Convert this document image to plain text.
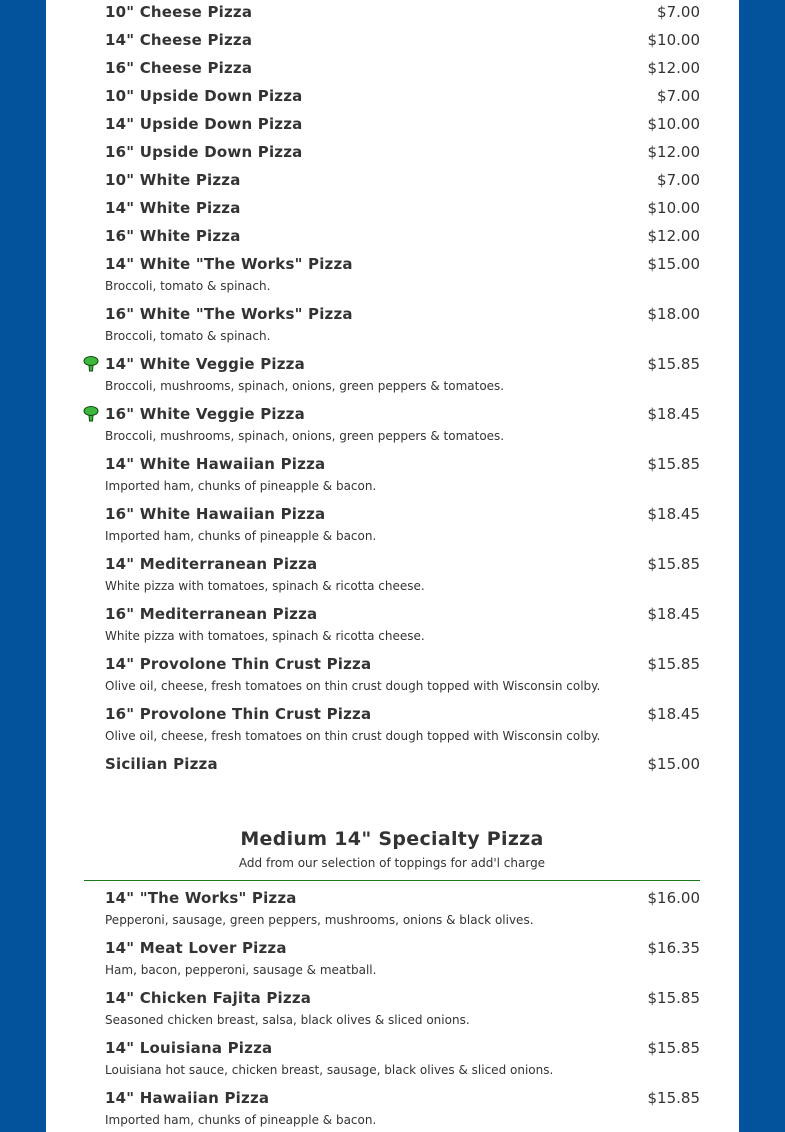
10" Cheese Pizza	$7.00
14" Cheese Pizza	$10.00
16" Cheese Pizza	$12.00
10" Upside Down Pizza	$7.00
14" Upside Down Pizza	$10.00
16" Upside Down Pizza	$12.00
10" White Pizza	$7.00
14" White Pizza	$10.00
16" White Pizza	$12.00
14" White "The Works" Pizza	$15.00
Broccoli, tomato & spinach.
16" White "The Works" Pizza	$18.00
Broccoli, tomato & spinach.
14" White Veggie Pizza	$15.85
Broccoli, mushrooms, spinach, onions, green peppers & tomatoes.
16" White Veggie Pizza	$18.45
Broccoli, mushrooms, spinach, onions, green peppers & tomatoes.
14" White Hawaiian Pizza	$15.85
Imported ham, chunks of pineapple & bacon.
16" White Hawaiian Pizza	$18.45
Imported ham, chunks of pineapple & bacon.
14" Mediterranean Pizza	$15.85
White pizza with tomatoes, spinach & ricotta cheese.
16" Mediterranean Pizza	$18.45
White pizza with tomatoes, spinach & ricotta cheese.
14" Provolone Thin Crust Pizza	$15.85
Olive oil, cheese, fresh tomatoes on thin crust dough topped with Wisconsin colby.
16" Provolone Thin Crust Pizza	$18.45
Olive oil, cheese, fresh tomatoes on thin crust dough topped with Wisconsin colby.
Sicilian Pizza	$15.00
Medium 14" Specialty Pizza
Add from our selection of toppings for add'l charge
14" "The Works" Pizza	$16.00
Pepperoni, sausage, green peppers, mushrooms, onions & black olives.
14" Meat Lover Pizza	$16.35
Ham, bacon, pepperoni, sausage & meatball.
14" Chicken Fajita Pizza	$15.85
Seasoned chicken breast, salsa, black olives & sliced onions.
14" Louisiana Pizza	$15.85
Louisiana hot sauce, chicken breast, sausage, black olives & sliced onions.
14" Hawaiian Pizza	$15.85
Imported ham, chunks of pineapple & bacon.
